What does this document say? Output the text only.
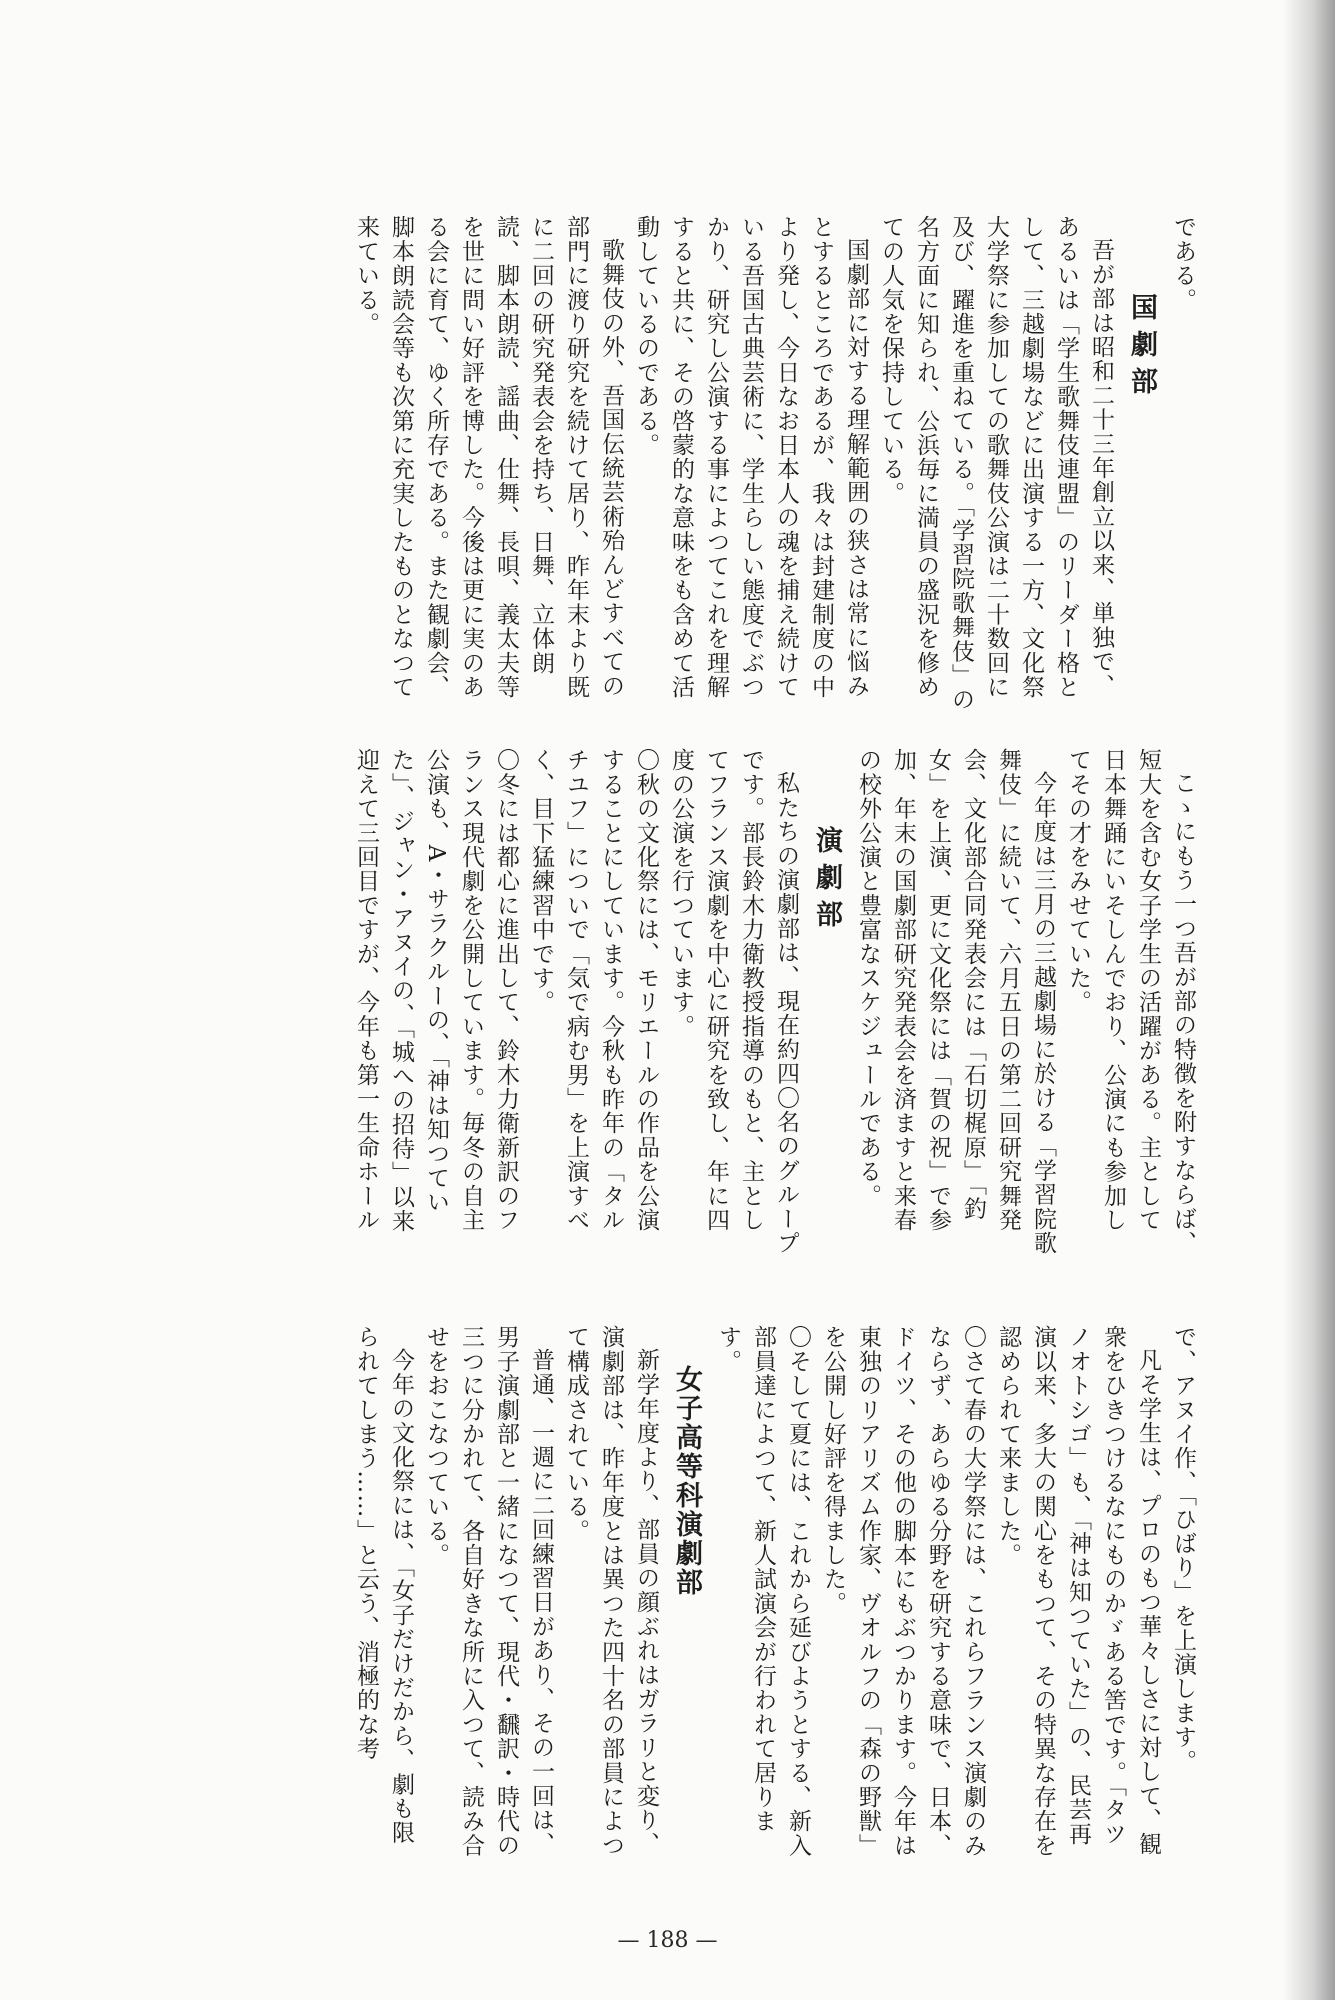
である。

国劇部

吾が部は昭和二十三年創立以来、単独で、あるいは「学生歌舞伎連盟」のリーダー格として、三越劇場などに出演する一方、文化祭大学祭に参加しての歌舞伎公演は二十数回に及び、躍進を重ねている。「学習院歌舞伎」の名方面に知られ、公浜毎に満員の盛況を修めての人気を保持している。

国劇部に対する理解範囲の狭さは常に悩みとするところであるが、我々は封建制度の中より発し、今日なお日本人の魂を捕え続けている吾国古典芸術に、学生らしい態度でぶつかり、研究し公演する事によつてこれを理解すると共に、その啓蒙的な意味をも含めて活動しているのである。

歌舞伎の外、吾国伝統芸術殆んどすべての部門に渡り研究を続けて居り、昨年末より既に二回の研究発表会を持ち、日舞、立体朗読、脚本朗読、謡曲、仕舞、長唄、義太夫等を世に問い好評を博した。今後は更に実のある会に育て、ゆく所存である。また観劇会、脚本朗読会等も次第に充実したものとなつて来ている。

こゝにもう一つ吾が部の特徴を附すならば、短大を含む女子学生の活躍がある。主として日本舞踊にいそしんでおり、公演にも参加してその才をみせていた。

今年度は三月の三越劇場に於ける「学習院歌舞伎」に続いて、六月五日の第二回研究舞発会、文化部合同発表会には「石切梶原」「釣女」を上演、更に文化祭には「賀の祝」で参加、年末の国劇部研究発表会を済ますと来春の校外公演と豊富なスケジュールである。

演劇部

私たちの演劇部は、現在約四〇名のグループです。部長鈴木力衛教授指導のもと、主としてフランス演劇を中心に研究を致し、年に四度の公演を行つています。

〇秋の文化祭には、モリエールの作品を公演することにしています。今秋も昨年の「タルチユフ」についで「気で病む男」を上演すべく、目下猛練習中です。

〇冬には都心に進出して、鈴木力衛新訳のフランス現代劇を公開しています。毎冬の自主公演も、A・サラクルーの、「神は知つていた」、ジャン・アヌイの、「城への招待」以来迎えて三回目ですが、今年も第一生命ホール

で、アヌイ作、「ひばり」を上演します。

凡そ学生は、プロのもつ華々しさに対して、観衆をひきつけるなにものかゞある筈です。「タツノオトシゴ」も、「神は知つていた」の、民芸再演以来、多大の関心をもつて、その特異な存在を認められて来ました。

〇さて春の大学祭には、これらフランス演劇のみならず、あらゆる分野を研究する意味で、日本、ドイツ、その他の脚本にもぶつかります。今年は東独のリアリズム作家、ヴオルフの「森の野獣」を公開し好評を得ました。

〇そして夏には、これから延びようとする、新入部員達によつて、新人試演会が行われて居ります。

女子高等科演劇部

新学年度より、部員の顔ぶれはガラリと変り、演劇部は、昨年度とは異つた四十名の部員によつて構成されている。

普通、一週に二回練習日があり、その一回は、男子演劇部と一緒になつて、現代・飜訳・時代の三つに分かれて、各自好きな所に入つて、読み合せをおこなつている。

今年の文化祭には、「女子だけだから、劇も限られてしまう……」と云う、消極的な考

— 188 —
